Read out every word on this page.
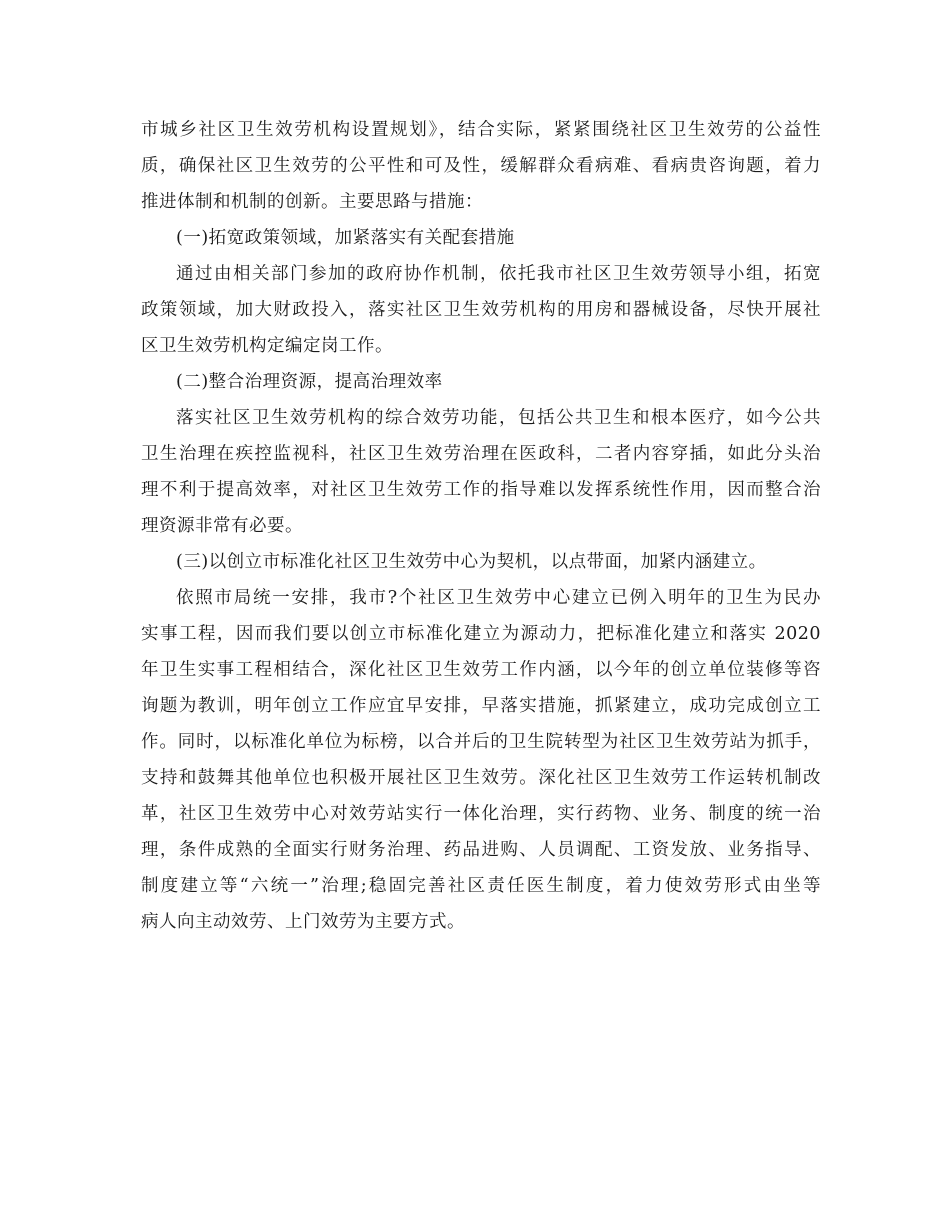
市城乡社区卫生效劳机构设置规划》，结合实际，紧紧围绕社区卫生效劳的公益性
质，确保社区卫生效劳的公平性和可及性，缓解群众看病难、看病贵咨询题，着力
推进体制和机制的创新。主要思路与措施：
(一)拓宽政策领域，加紧落实有关配套措施
通过由相关部门参加的政府协作机制，依托我市社区卫生效劳领导小组，拓宽
政策领域，加大财政投入，落实社区卫生效劳机构的用房和器械设备，尽快开展社
区卫生效劳机构定编定岗工作。
(二)整合治理资源，提高治理效率
落实社区卫生效劳机构的综合效劳功能，包括公共卫生和根本医疗，如今公共
卫生治理在疾控监视科，社区卫生效劳治理在医政科，二者内容穿插，如此分头治
理不利于提高效率，对社区卫生效劳工作的指导难以发挥系统性作用，因而整合治
理资源非常有必要。
(三)以创立市标准化社区卫生效劳中心为契机，以点带面，加紧内涵建立。
依照市局统一安排，我市?个社区卫生效劳中心建立已例入明年的卫生为民办
实事工程，因而我们要以创立市标准化建立为源动力，把标准化建立和落实 2020
年卫生实事工程相结合，深化社区卫生效劳工作内涵，以今年的创立单位装修等咨
询题为教训，明年创立工作应宜早安排，早落实措施，抓紧建立，成功完成创立工
作。同时，以标准化单位为标榜，以合并后的卫生院转型为社区卫生效劳站为抓手，
支持和鼓舞其他单位也积极开展社区卫生效劳。深化社区卫生效劳工作运转机制改
革，社区卫生效劳中心对效劳站实行一体化治理，实行药物、业务、制度的统一治
理，条件成熟的全面实行财务治理、药品进购、人员调配、工资发放、业务指导、
制度建立等“六统一”治理;稳固完善社区责任医生制度，着力使效劳形式由坐等
病人向主动效劳、上门效劳为主要方式。
